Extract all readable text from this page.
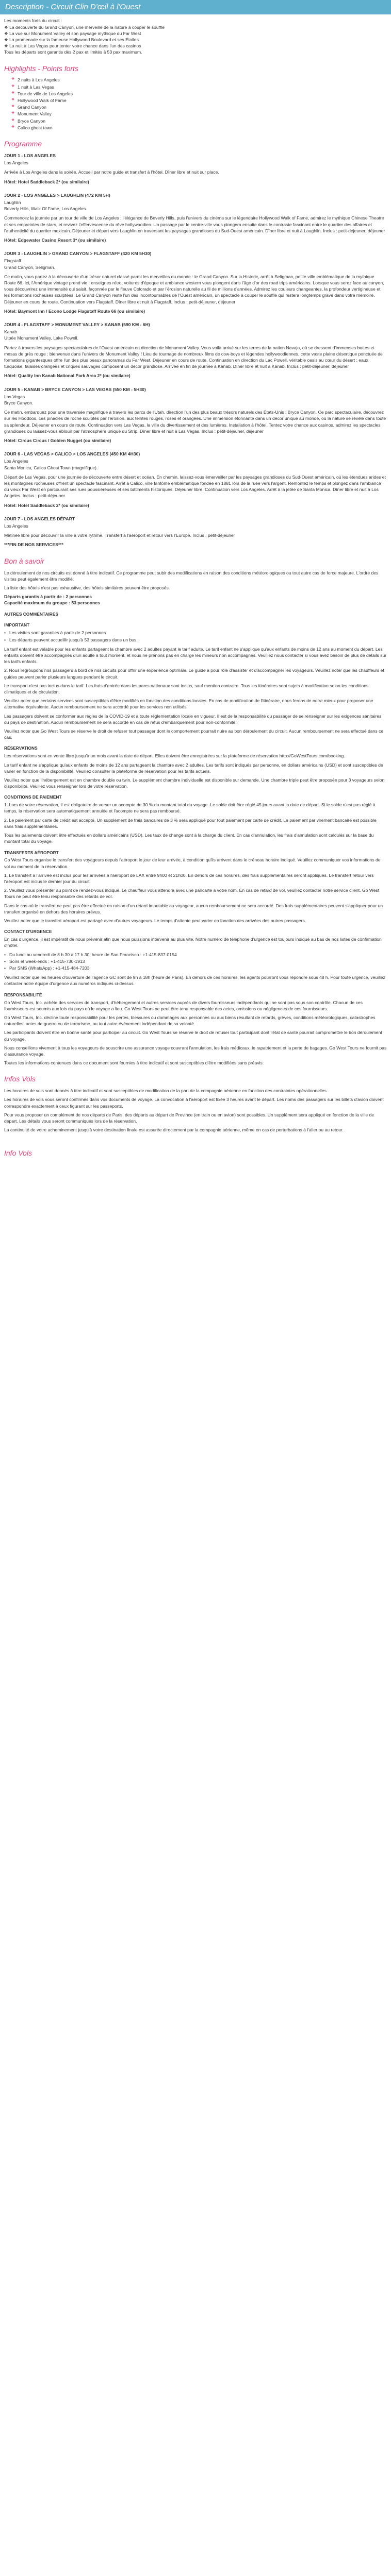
Description - Circuit Clin D'œil à l'Ouest

Les moments forts du circuit :

❖ La découverte du Grand Canyon, une merveille de la nature à couper le souffle

❖ La vue sur Monument Valley et son paysage mythique du Far West

❖ La promenade sur la fameuse Hollywood Boulevard et ses Étoiles

❖ La nuit à Las Vegas pour tenter votre chance dans l'un des casinos

Tous les départs sont garantis dès 2 pax et limités à 53 pax maximum.

Highlights - Points forts
❖ 2 nuits à Los Angeles
❖ 1 nuit à Las Vegas
❖ Tour de ville de Los Angeles
❖ Hollywood Walk of Fame
❖ Grand Canyon
❖ Monument Valley
❖ Bryce Canyon
❖ Calico ghost town
Programme
JOUR 1 - LOS ANGELES

Los Angeles

Arrivée à Los Angeles dans la soirée. Accueil par notre guide et transfert à l'hôtel. Dîner libre et nuit sur place.

Hôtel: Hotel Saddleback 2* (ou similaire)

JOUR 2 - LOS ANGELES > LAUGHLIN (472 KM 5H)

Laughlin

Beverly Hills, Walk Of Fame, Los Angeles.

Commencez la journée par un tour de ville de Los Angeles : l'élégance de Beverly Hills, puis l'univers du cinéma sur le légendaire Hollywood Walk of Fame, admirez le mythique Chinese Theatre et ses empreintes de stars, et revivez l'effervescence du rêve hollywoodien. Un passage par le centre-ville vous plongera ensuite dans le contraste fascinant entre le quartier des affaires et l'authenticité du quartier mexicain. Déjeuner et départ vers Laughlin en traversant les paysages grandioses du Sud-Ouest américain. Dîner libre et nuit à Laughlin. Inclus : petit-déjeuner, déjeuner

Hôtel: Edgewater Casino Resort 3* (ou similaire)

JOUR 3 - LAUGHLIN > GRAND CANYON > FLAGSTAFF (420 KM 5H30)

Flagstaff

Grand Canyon, Seligman.

Ce matin, vous partez à la découverte d'un trésor naturel classé parmi les merveilles du monde : le Grand Canyon. Sur la Historic, arrêt à Seligman, petite ville emblématique de la mythique Route 66. Ici, l'Amérique vintage prend vie : enseignes rétro, voitures d'époque et ambiance western vous plongent dans l'âge d'or des road trips américains. Lorsque vous serez face au canyon, vous découvrirez une immensité qui saisit, façonnée par le fleuve Colorado et par l'érosion naturelle au fil de millions d'années. Admirez les couleurs changeantes, la profondeur vertigineuse et les formations rocheuses sculptées. Le Grand Canyon reste l'un des incontournables de l'Ouest américain, un spectacle à couper le souffle qui restera longtemps gravé dans votre mémoire. Déjeuner en cours de route. Continuation vers Flagstaff. Dîner libre et nuit à Flagstaff. Inclus : petit-déjeuner, déjeuner

Hôtel: Baymont Inn / Econo Lodge Flagstaff Route 66 (ou similaire)

JOUR 4 - FLAGSTAFF > MONUMENT VALLEY > KANAB (590 KM - 6H)

Kanab

Utpée Monument Valley, Lake Powell.

Partez à travers les paysages spectaculaires de l'Ouest américain en direction de Monument Valley. Vous voilà arrivé sur les terres de la nation Navajo, où se dressent d'immenses buttes et mesas de grès rouge : bienvenue dans l'univers de Monument Valley ! Lieu de tournage de nombreux films de cow-boys et légendes hollywoodiennes, cette vaste plaine désertique ponctuée de formations gigantesques offre l'un des plus beaux panoramas du Far West. Déjeuner en cours de route. Continuation en direction du Lac Powell, véritable oasis au cœur du désert : eaux turquoise, falaises orangées et criques sauvages composent un décor grandiose. Arrivée en fin de journée à Kanab. Dîner libre et nuit à Kanab. Inclus : petit-déjeuner, déjeuner

Hôtel: Quality Inn Kanab National Park Area 2* (ou similaire)

JOUR 5 - KANAB > BRYCE CANYON > LAS VEGAS (550 KM - 5H30)

Las Vegas

Bryce Canyon.

Ce matin, embarquez pour une traversée magnifique à travers les parcs de l'Utah, direction l'un des plus beaux trésors naturels des États-Unis : Bryce Canyon. Ce parc spectaculaire, découvrez sur les Hoodoos, ces pinacles de roche sculptés par l'érosion, aux teintes rouges, roses et orangées. Une immersion étonnante dans un décor unique au monde, où la nature se révèle dans toute sa splendeur. Déjeuner en cours de route. Continuation vers Las Vegas, la ville du divertissement et des lumières. Installation à l'hôtel. Tentez votre chance aux casinos, admirez les spectacles grandioses ou laissez-vous éblouir par l'atmosphère unique du Strip. Dîner libre et nuit à Las Vegas. Inclus : petit-déjeuner, déjeuner

Hôtel: Circus Circus / Golden Nugget (ou similaire)

JOUR 6 - LAS VEGAS > CALICO > LOS ANGELES (450 KM 4H30)

Los Angeles

Santa Monica, Calico Ghost Town (magnifique).

Départ de Las Vegas, pour une journée de découverte entre désert et océan. En chemin, laissez-vous émerveiller par les paysages grandioses du Sud-Ouest américain, où les étendues arides et les montagnes rocheuses offrent un spectacle fascinant. Arrêt à Calico, ville fantôme emblématique fondée en 1881 lors de la ruée vers l'argent. Remontez le temps et plongez dans l'ambiance du vieux Far West en parcourant ses rues poussiéreuses et ses bâtiments historiques. Déjeuner libre. Continuation vers Los Angeles. Arrêt à la jetée de Santa Monica. Dîner libre et nuit à Los Angeles. Inclus : petit-déjeuner

Hôtel: Hotel Saddleback 2* (ou similaire)

JOUR 7 - LOS ANGELES DÉPART

Los Angeles

Matinée libre pour découvrir la ville à votre rythme. Transfert à l'aéroport et retour vers l'Europe. Inclus : petit-déjeuner

***FIN DE NOS SERVICES***

Bon à savoir

Le déroulement de nos circuits est donné à titre indicatif. Ce programme peut subir des modifications en raison des conditions météorologiques ou tout autre cas de force majeure. L'ordre des visites peut également être modifié.

La liste des hôtels n'est pas exhaustive, des hôtels similaires peuvent être proposés.

Départs garantis à partir de : 2 personnes

Capacité maximum du groupe : 53 personnes

AUTRES COMMENTAIRES
IMPORTANT
• Les visites sont garanties à partir de 2 personnes
• Les départs peuvent accueillir jusqu'à 53 passagers dans un bus.

Le tarif enfant est valable pour les enfants partageant la chambre avec 2 adultes payant le tarif adulte. Le tarif enfant ne s'applique qu'aux enfants de moins de 12 ans au moment du départ. Les enfants doivent être accompagnés d'un adulte à tout moment, et nous ne prenons pas en charge les mineurs non accompagnés. Veuillez nous contacter si vous avez besoin de plus de détails sur les tarifs enfants.

2. Nous regroupons nos passagers à bord de nos circuits pour offrir une expérience optimale. Le guide a pour rôle d'assister et d'accompagner les voyageurs. Veuillez noter que les chauffeurs et guides peuvent parler plusieurs langues pendant le circuit.

Le transport n'est pas inclus dans le tarif. Les frais d'entrée dans les parcs nationaux sont inclus, sauf mention contraire. Tous les itinéraires sont sujets à modification selon les conditions climatiques et de circulation.

Veuillez noter que certains services sont susceptibles d'être modifiés en fonction des conditions locales. En cas de modification de l'itinéraire, nous ferons de notre mieux pour proposer une alternative équivalente. Aucun remboursement ne sera accordé pour les services non utilisés.

Les passagers doivent se conformer aux règles de la COVID-19 et à toute réglementation locale en vigueur. Il est de la responsabilité du passager de se renseigner sur les exigences sanitaires du pays de destination. Aucun remboursement ne sera accordé en cas de refus d'embarquement pour non-conformité.

Veuillez noter que Go West Tours se réserve le droit de refuser tout passager dont le comportement pourrait nuire au bon déroulement du circuit. Aucun remboursement ne sera effectué dans ce cas.

RÉSERVATIONS

Les réservations sont en vente libre jusqu'à un mois avant la date de départ. Elles doivent être enregistrées sur la plateforme de réservation http://GoWestTours.com/booking.

Le tarif enfant ne s'applique qu'aux enfants de moins de 12 ans partageant la chambre avec 2 adultes. Les tarifs sont indiqués par personne, en dollars américains (USD) et sont susceptibles de varier en fonction de la disponibilité. Veuillez consulter la plateforme de réservation pour les tarifs actuels.

Veuillez noter que l'hébergement est en chambre double ou twin. Le supplément chambre individuelle est disponible sur demande. Une chambre triple peut être proposée pour 3 voyageurs selon disponibilité. Veuillez vous renseigner lors de votre réservation.

CONDITIONS DE PAIEMENT

1. Lors de votre réservation, il est obligatoire de verser un acompte de 30 % du montant total du voyage. Le solde doit être réglé 45 jours avant la date de départ. Si le solde n'est pas réglé à temps, la réservation sera automatiquement annulée et l'acompte ne sera pas remboursé.

2. Le paiement par carte de crédit est accepté. Un supplément de frais bancaires de 3 % sera appliqué pour tout paiement par carte de crédit. Le paiement par virement bancaire est possible sans frais supplémentaires.

Tous les paiements doivent être effectués en dollars américains (USD). Les taux de change sont à la charge du client. En cas d'annulation, les frais d'annulation sont calculés sur la base du montant total du voyage.

TRANSFERTS AÉROPORT

Go West Tours organise le transfert des voyageurs depuis l'aéroport le jour de leur arrivée, à condition qu'ils arrivent dans le créneau horaire indiqué. Veuillez communiquer vos informations de vol au moment de la réservation.

1. Le transfert à l'arrivée est inclus pour les arrivées à l'aéroport de LAX entre 9h00 et 21h00. En dehors de ces horaires, des frais supplémentaires seront appliqués. Le transfert retour vers l'aéroport est inclus le dernier jour du circuit.

2. Veuillez vous présenter au point de rendez-vous indiqué. Le chauffeur vous attendra avec une pancarte à votre nom. En cas de retard de vol, veuillez contacter notre service client. Go West Tours ne peut être tenu responsable des retards de vol.

Dans le cas où le transfert ne peut pas être effectué en raison d'un retard imputable au voyageur, aucun remboursement ne sera accordé. Des frais supplémentaires peuvent s'appliquer pour un transfert organisé en dehors des horaires prévus.

Veuillez noter que le transfert aéroport est partagé avec d'autres voyageurs. Le temps d'attente peut varier en fonction des arrivées des autres passagers.

CONTACT D'URGENCE

En cas d'urgence, il est impératif de nous prévenir afin que nous puissions intervenir au plus vite. Notre numéro de téléphone d'urgence est toujours indiqué au bas de nos listes de confirmation d'hôtel.

• Du lundi au vendredi de 8 h 30 à 17 h 30, heure de San Francisco : +1-415-837-0154
• Soirs et week-ends : +1-415-730-1913
• Par SMS (WhatsApp) : +1-415-484-7203

Veuillez noter que les heures d'ouverture de l'agence GC sont de 9h à 18h (heure de Paris). En dehors de ces horaires, les agents pourront vous répondre sous 48 h. Pour toute urgence, veuillez contacter notre équipe d'urgence aux numéros indiqués ci-dessus.

RESPONSABILITÉ

Go West Tours, Inc. achète des services de transport, d'hébergement et autres services auprès de divers fournisseurs indépendants qui ne sont pas sous son contrôle. Chacun de ces fournisseurs est soumis aux lois du pays où le voyage a lieu. Go West Tours ne peut être tenu responsable des actes, omissions ou négligences de ces fournisseurs.

Go West Tours, Inc. décline toute responsabilité pour les pertes, blessures ou dommages aux personnes ou aux biens résultant de retards, grèves, conditions météorologiques, catastrophes naturelles, actes de guerre ou de terrorisme, ou tout autre événement indépendant de sa volonté.

Les participants doivent être en bonne santé pour participer au circuit. Go West Tours se réserve le droit de refuser tout participant dont l'état de santé pourrait compromettre le bon déroulement du voyage.

Nous conseillons vivement à tous les voyageurs de souscrire une assurance voyage couvrant l'annulation, les frais médicaux, le rapatriement et la perte de bagages. Go West Tours ne fournit pas d'assurance voyage.

Toutes les informations contenues dans ce document sont fournies à titre indicatif et sont susceptibles d'être modifiées sans préavis.

Infos Vols

Les horaires de vols sont donnés à titre indicatif et sont susceptibles de modification de la part de la compagnie aérienne en fonction des contraintes opérationnelles.

Les horaires de vols vous seront confirmés dans vos documents de voyage. La convocation à l'aéroport est fixée 3 heures avant le départ. Les noms des passagers sur les billets d'avion doivent correspondre exactement à ceux figurant sur les passeports.

Pour vous proposer un complément de nos départs de Paris, des départs au départ de Province (en train ou en avion) sont possibles. Un supplément sera appliqué en fonction de la ville de départ. Les détails vous seront communiqués lors de la réservation.

La continuité de votre acheminement jusqu'à votre destination finale est assurée directement par la compagnie aérienne, même en cas de perturbations à l'aller ou au retour.

Info Vols
